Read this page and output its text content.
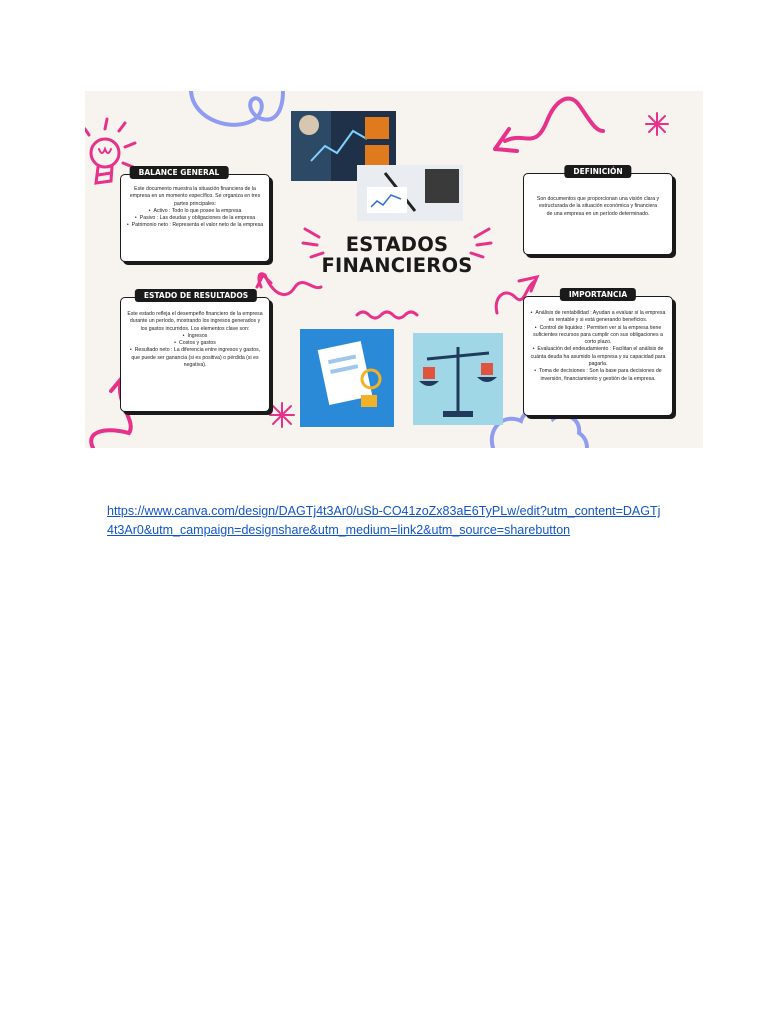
ESTADOS
FINANCIEROS
BALANCE GENERAL

Este documento muestra la situación financiera de la empresa en un momento específico. Se organiza en tres partes principales:

• Activo : Todo lo que posee la empresa
• Pasivo : Las deudas y obligaciones de la empresa
• Patrimonio neto : Representa el valor neto de la empresa
DEFINICIÓN

Son documentos que proporcionan una visión clara y estructurada de la situación económica y financiera de una empresa en un período determinado.

ESTADO DE RESULTADOS

Este estado refleja el desempeño financiero de la empresa durante un período, mostrando los ingresos generados y los gastos incurridos. Los elementos clave son:

• Ingresos
• Costos y gastos
• Resultado neto : La diferencia entre ingresos y gastos, que puede ser ganancia (si es positiva) o pérdida (si es negativa).
IMPORTANCIA
• Análisis de rentabilidad : Ayudan a evaluar si la empresa es rentable y si está generando beneficios.
• Control de liquidez : Permiten ver si la empresa tiene suficientes recursos para cumplir con sus obligaciones a corto plazo.
• Evaluación del endeudamiento : Facilitan el análisis de cuánta deuda ha asumido la empresa y su capacidad para pagarla.
• Toma de decisiones : Son la base para decisiones de inversión, financiamiento y gestión de la empresa.
https://www.canva.com/design/DAGTj4t3Ar0/uSb-CO41zoZx83aE6TyPLw/edit?utm_content=DAGTj4t3Ar0&utm_campaign=designshare&utm_medium=link2&utm_source=sharebutton
